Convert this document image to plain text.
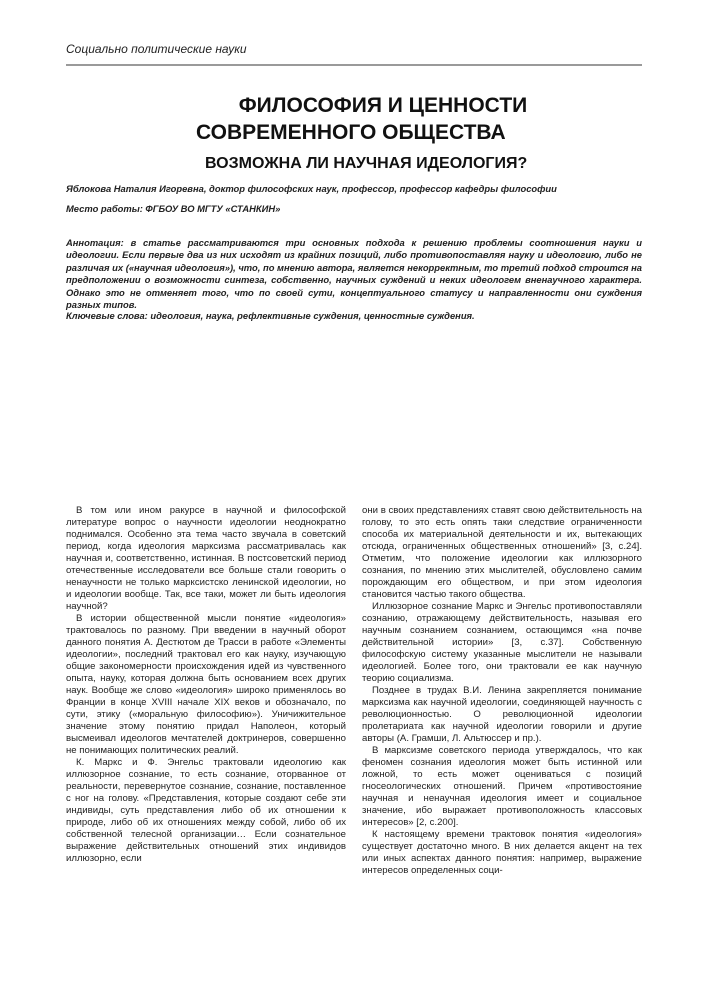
Социально политические науки
ФИЛОСОФИЯ И ЦЕННОСТИ
СОВРЕМЕННОГО ОБЩЕСТВА
ВОЗМОЖНА ЛИ НАУЧНАЯ ИДЕОЛОГИЯ?
Яблокова Наталия Игоревна, доктор философских наук, профессор, профессор кафедры философии
Место работы: ФГБОУ ВО МГТУ «СТАНКИН»
Аннотация: в статье рассматриваются три основных подхода к решению проблемы соотношения науки и идеологии. Если первые два из них исходят из крайних позиций, либо противопоставляя науку и идеологию, либо не различая их («научная идеология»), что, по мнению автора, является некорректным, то третий подход строится на предположении о возможности синтеза, собственно, научных суждений и неких идеологем вненаучного характера. Однако это не отменяет того, что по своей сути, концептуального статусу и направленности они суждения разных типов.
Ключевые слова: идеология, наука, рефлективные суждения, ценностные суждения.

В том или ином ракурсе в научной и философской литературе вопрос о научности идеологии неоднократно поднимался. Особенно эта тема часто звучала в советский период, когда идеология марксизма рассматривалась как научная и, соответственно, истинная. В постсоветский период отечественные исследователи все больше стали говорить о ненаучности не только марксистско ленинской идеологии, но и идеологии вообще. Так, все таки, может ли быть идеология научной?

В истории общественной мысли понятие «идеология» трактовалось по разному. При введении в научный оборот данного понятия А. Дестютом де Трасси в работе «Элементы идеологии», последний трактовал его как науку, изучающую общие закономерности происхождения идей из чувственного опыта, науку, которая должна быть основанием всех других наук. Вообще же слово «идеология» широко применялось во Франции в конце XVIII начале XIX веков и обозначало, по сути, этику («моральную философию»). Уничижительное значение этому понятию придал Наполеон, который высмеивал идеологов мечтателей доктринеров, совершенно не понимающих политических реалий.

К. Маркс и Ф. Энгельс трактовали идеологию как иллюзорное сознание, то есть сознание, оторванное от реальности, перевернутое сознание, сознание, поставленное с ног на голову. «Представления, которые создают себе эти индивиды, суть представления либо об их отношении к природе, либо об их отношениях между собой, либо об их собственной телесной организации… Если сознательное выражение действительных отношений этих индивидов иллюзорно, если

они в своих представлениях ставят свою действительность на голову, то это есть опять таки следствие ограниченности способа их материальной деятельности и их, вытекающих отсюда, ограниченных общественных отношений» [3, с.24]. Отметим, что положение идеологии как иллюзорного сознания, по мнению этих мыслителей, обусловлено самим порождающим его обществом, и при этом идеология становится частью такого общества.

Иллюзорное сознание Маркс и Энгельс противопоставляли сознанию, отражающему действительность, называя его научным сознанием сознанием, остающимся «на почве действительной истории» [3, с.37]. Собственную философскую систему указанные мыслители не называли идеологией. Более того, они трактовали ее как научную теорию социализма.

Позднее в трудах В.И. Ленина закрепляется понимание марксизма как научной идеологии, соединяющей научность с революционностью. О революционной идеологии пролетариата как научной идеологии говорили и другие авторы (А. Грамши, Л. Альтюссер и пр.).

В марксизме советского периода утверждалось, что как феномен сознания идеология может быть истинной или ложной, то есть может оцениваться с позиций гносеологических отношений. Причем «противостояние научная и ненаучная идеология имеет и социальное значение, ибо выражает противоположность классовых интересов» [2, с.200].

К настоящему времени трактовок понятия «идеология» существует достаточно много. В них делается акцент на тех или иных аспектах данного понятия: например, выражение интересов определенных соци-
